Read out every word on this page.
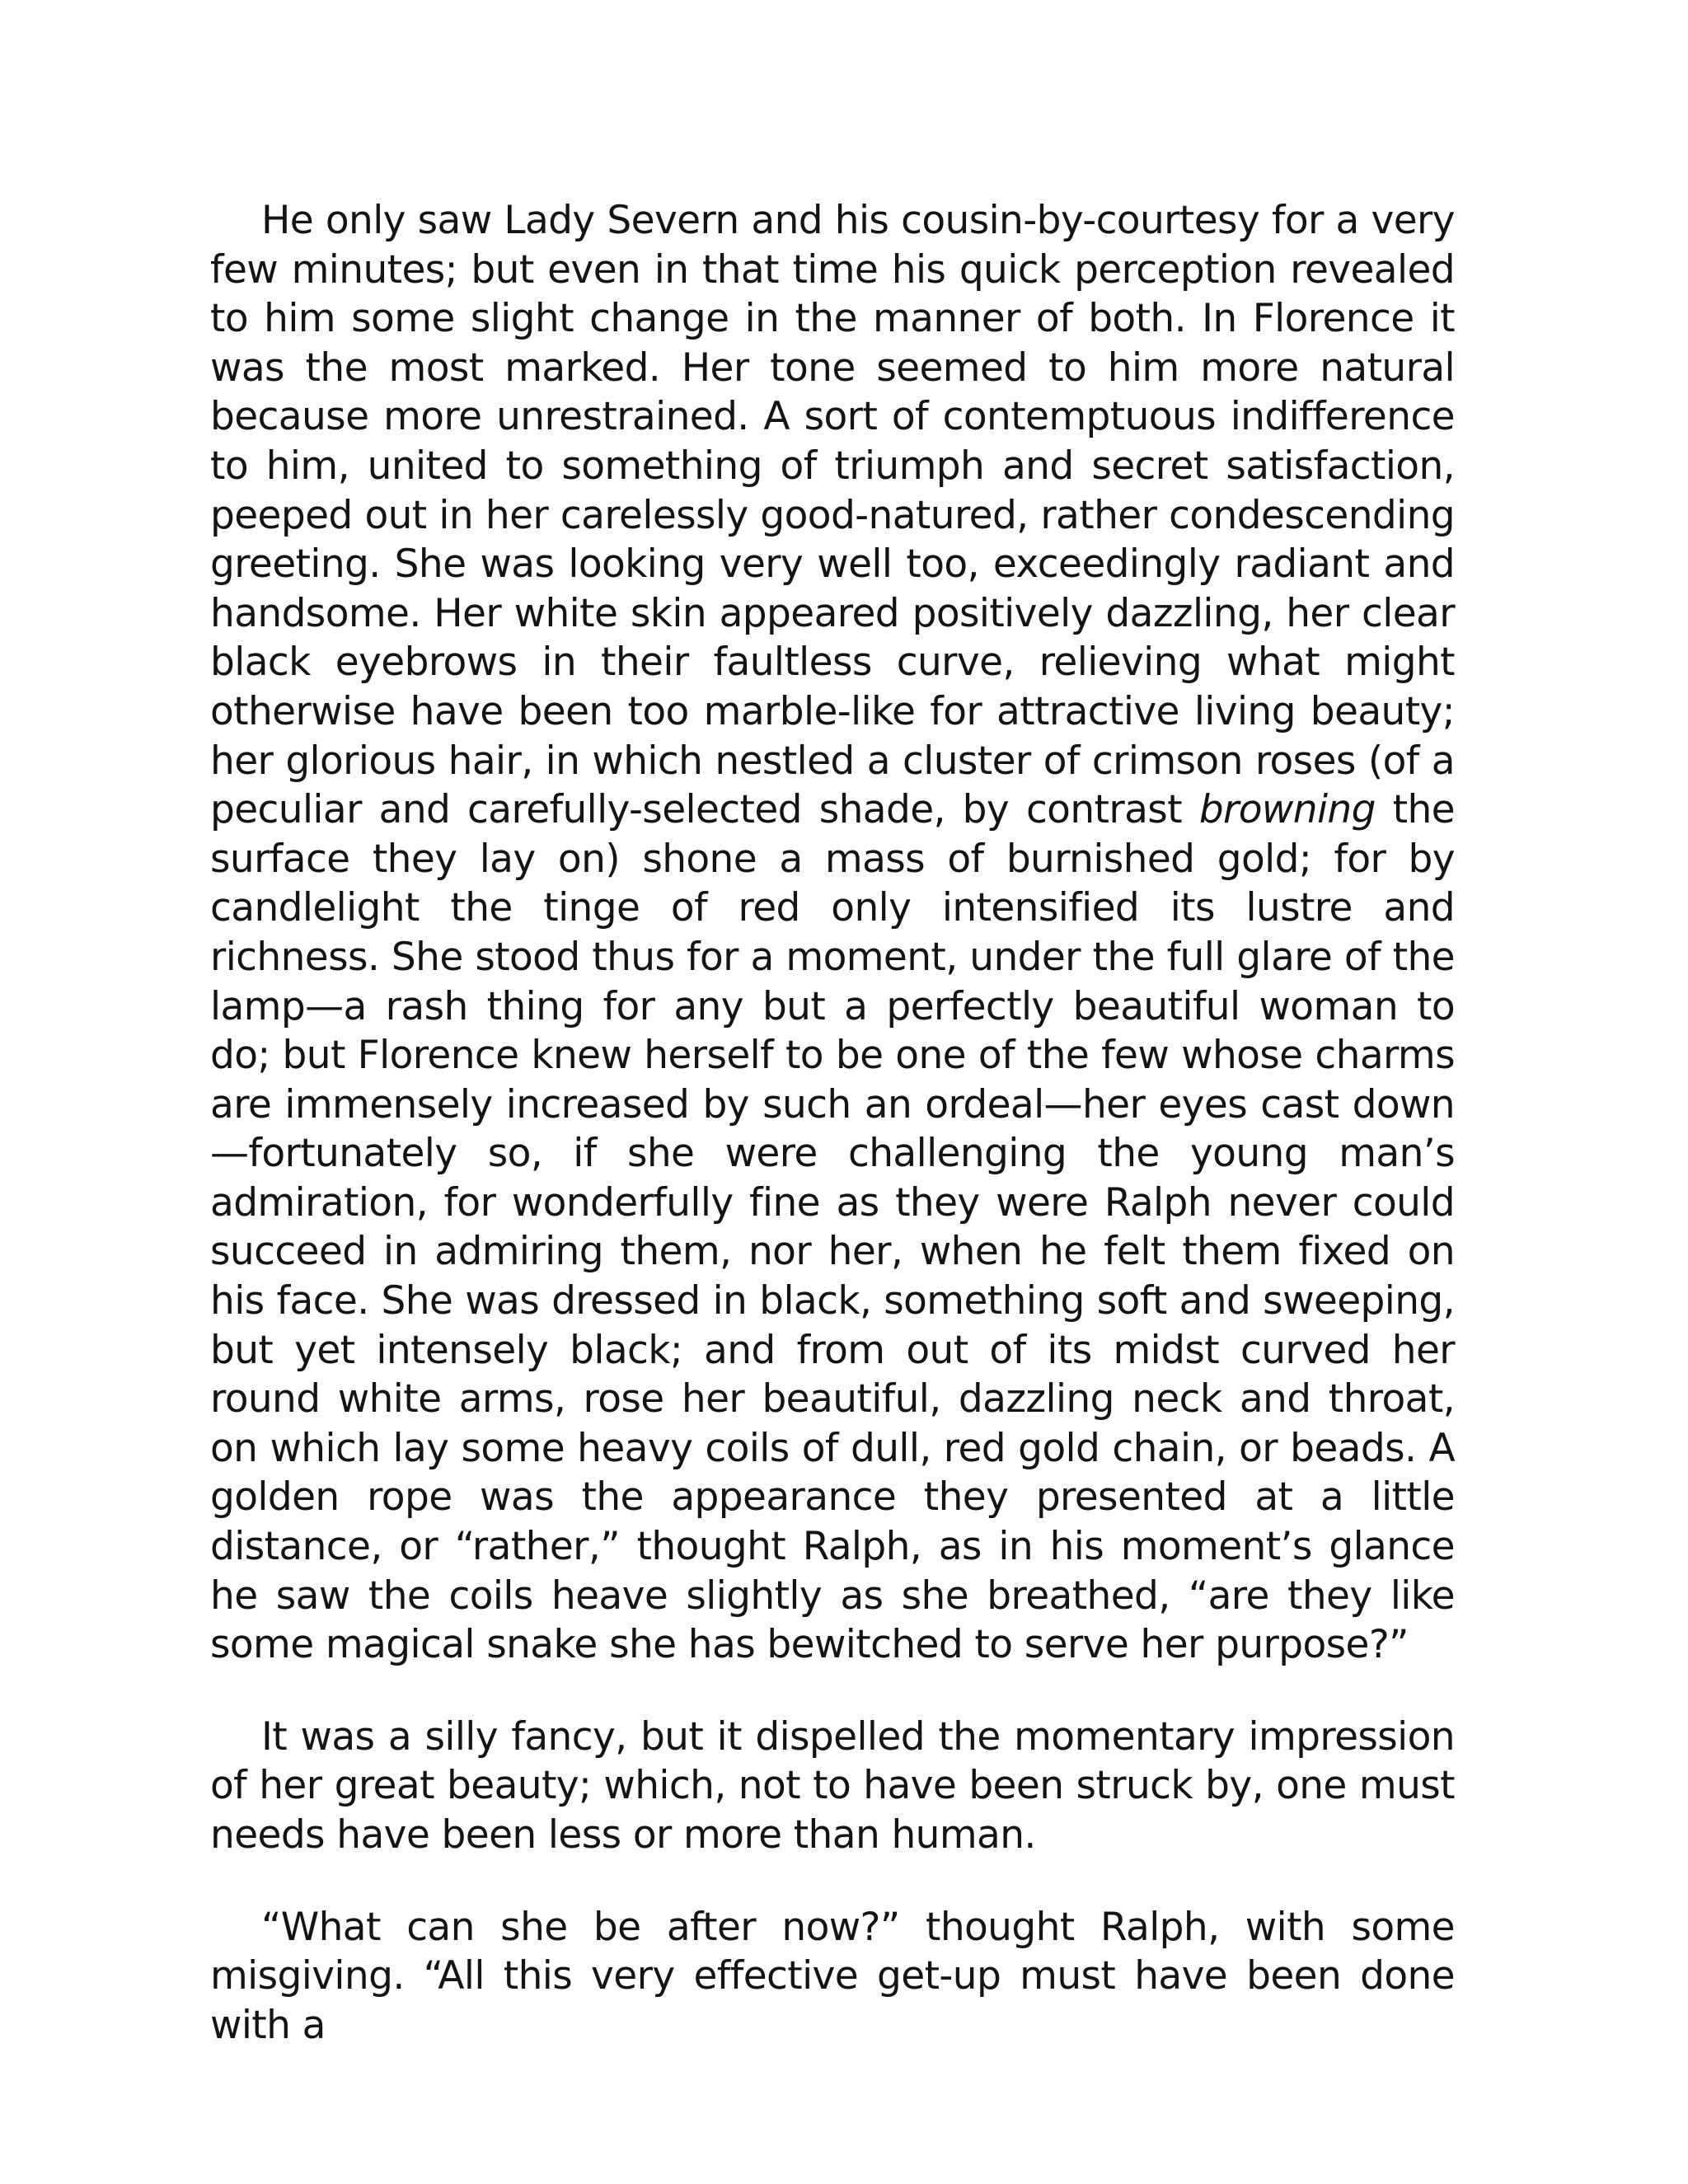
He only saw Lady Severn and his cousin-by-courtesy for a very few minutes; but even in that time his quick perception revealed to him some slight change in the manner of both. In Florence it was the most marked. Her tone seemed to him more natural because more unrestrained. A sort of contemptuous indifference to him, united to something of triumph and secret satisfaction, peeped out in her carelessly good-natured, rather condescending greeting. She was looking very well too, exceedingly radiant and handsome. Her white skin appeared positively dazzling, her clear black eyebrows in their faultless curve, relieving what might otherwise have been too marble-like for attractive living beauty; her glorious hair, in which nestled a cluster of crimson roses (of a peculiar and carefully-selected shade, by contrast browning the surface they lay on) shone a mass of burnished gold; for by candlelight the tinge of red only intensified its lustre and richness. She stood thus for a moment, under the full glare of the lamp—a rash thing for any but a perfectly beautiful woman to do; but Florence knew herself to be one of the few whose charms are immensely increased by such an ordeal—her eyes cast down—fortunately so, if she were challenging the young man’s admiration, for wonderfully fine as they were Ralph never could succeed in admiring them, nor her, when he felt them fixed on his face. She was dressed in black, something soft and sweeping, but yet intensely black; and from out of its midst curved her round white arms, rose her beautiful, dazzling neck and throat, on which lay some heavy coils of dull, red gold chain, or beads. A golden rope was the appearance they presented at a little distance, or “rather,” thought Ralph, as in his moment’s glance he saw the coils heave slightly as she breathed, “are they like some magical snake she has bewitched to serve her purpose?”

It was a silly fancy, but it dispelled the momentary impression of her great beauty; which, not to have been struck by, one must needs have been less or more than human.

“What can she be after now?” thought Ralph, with some misgiving. “All this very effective get-up must have been done with a
